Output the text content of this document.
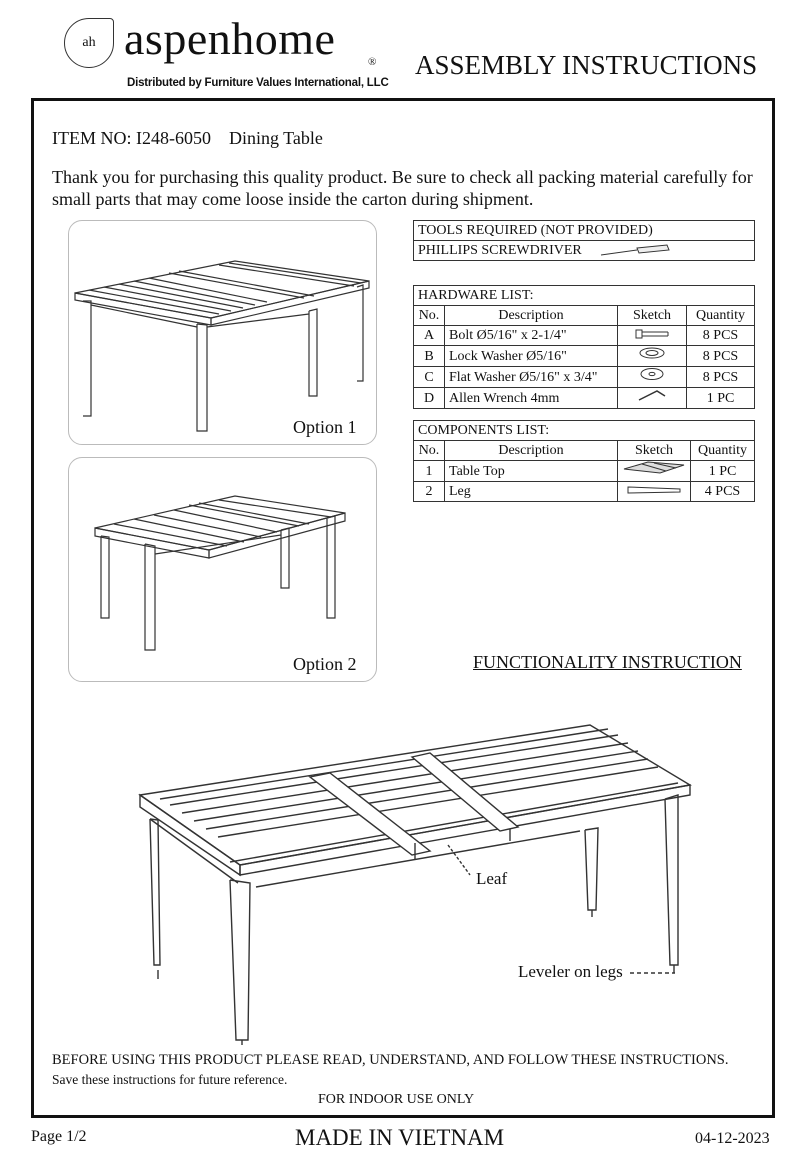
ah aspenhome	®
Distributed by Furniture Values International, LLC
ASSEMBLY INSTRUCTIONS
ITEM NO: I248-6050 Dining Table
Thank you for purchasing this quality product. Be sure to check all packing material carefully for small parts that may come loose inside the carton during shipment.
Option 1
Option 2
TOOLS REQUIRED (NOT PROVIDED)
PHILLIPS SCREWDRIVER
HARDWARE LIST:			
No.	Description	Sketch	Quantity
A	Bolt Ø5/16" x 2-1/4"		8 PCS
B	Lock Washer Ø5/16"		8 PCS
C	Flat Washer Ø5/16" x 3/4"		8 PCS
D	Allen Wrench 4mm		1 PC
COMPONENTS LIST:			
No.	Description	Sketch	Quantity
1	Table Top		1 PC
2	Leg		4 PCS
FUNCTIONALITY INSTRUCTION
Leaf
Leveler on legs
BEFORE USING THIS PRODUCT PLEASE READ, UNDERSTAND, AND FOLLOW THESE INSTRUCTIONS.
Save these instructions for future reference.
FOR INDOOR USE ONLY
Page 1/2	MADE IN VIETNAM	04-12-2023
